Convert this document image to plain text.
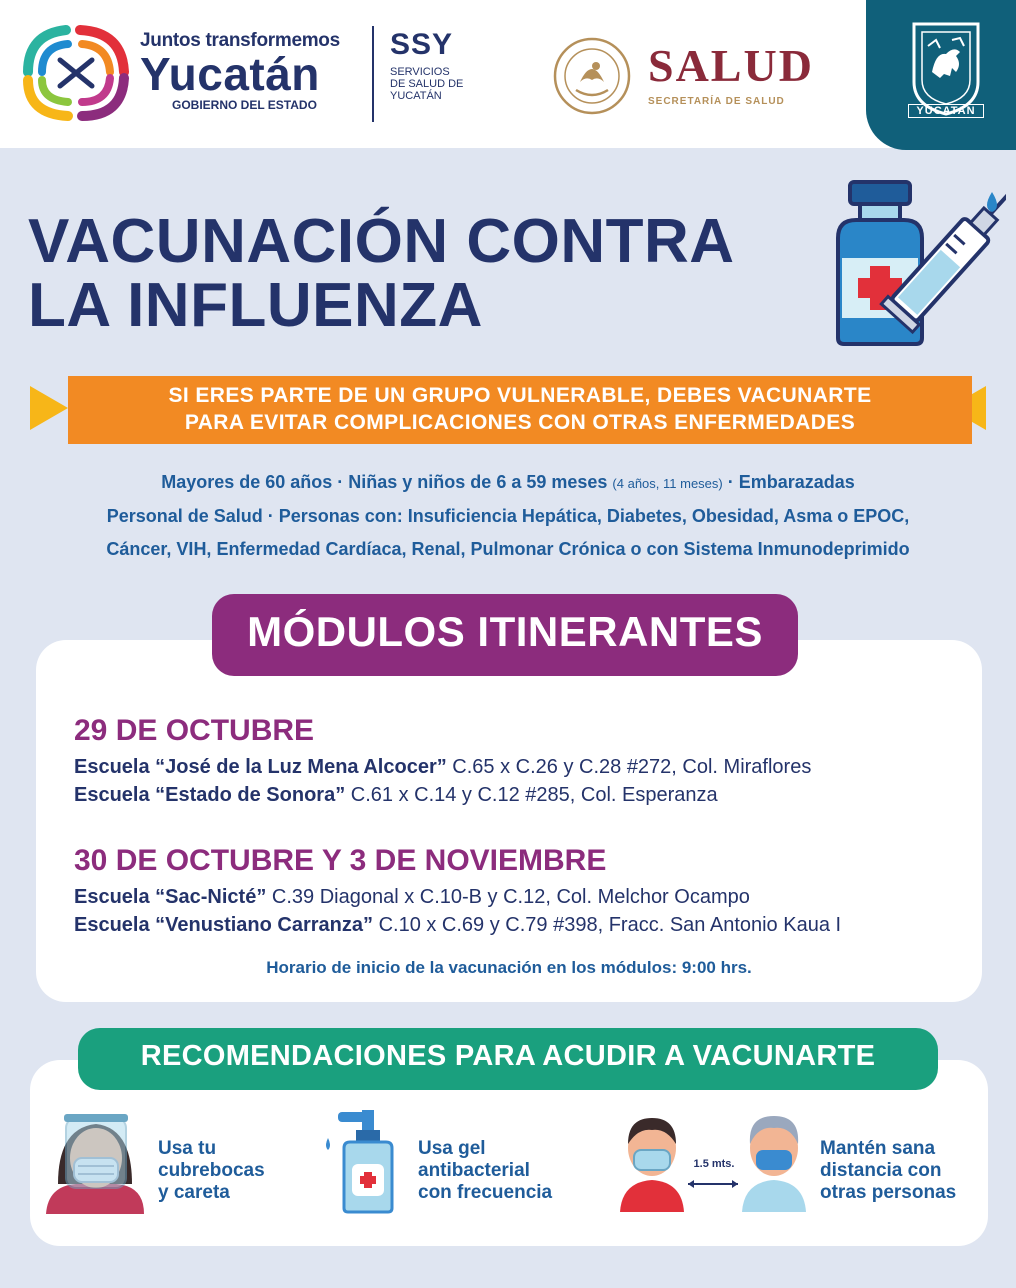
Juntos transformemos
Yucatán
GOBIERNO DEL ESTADO
SSY
SERVICIOS
DE SALUD DE
YUCATÁN
SALUD
SECRETARÍA DE SALUD
YUCATAN
VACUNACIÓN CONTRA
LA INFLUENZA
SI ERES PARTE DE UN GRUPO VULNERABLE, DEBES VACUNARTE
PARA EVITAR COMPLICACIONES CON OTRAS ENFERMEDADES
Mayores de 60 años · Niñas y niños de 6 a 59 meses (4 años, 11 meses) · Embarazadas
Personal de Salud · Personas con: Insuficiencia Hepática, Diabetes, Obesidad, Asma o EPOC,
Cáncer, VIH, Enfermedad Cardíaca, Renal, Pulmonar Crónica o con Sistema Inmunodeprimido
MÓDULOS ITINERANTES
29 DE OCTUBRE
Escuela “José de la Luz Mena Alcocer” C.65 x C.26 y C.28 #272, Col. Miraflores
Escuela “Estado de Sonora” C.61 x C.14 y C.12 #285, Col. Esperanza
30 DE OCTUBRE Y 3 DE NOVIEMBRE
Escuela “Sac-Nicté” C.39 Diagonal x C.10-B y C.12, Col. Melchor Ocampo
Escuela “Venustiano Carranza” C.10 x C.69 y C.79 #398, Fracc. San Antonio Kaua I
Horario de inicio de la vacunación en los módulos: 9:00 hrs.
RECOMENDACIONES PARA ACUDIR A VACUNARTE
Usa tu
cubrebocas
y careta
Usa gel
antibacterial
con frecuencia
1.5 mts.
Mantén sana
distancia con
otras personas
